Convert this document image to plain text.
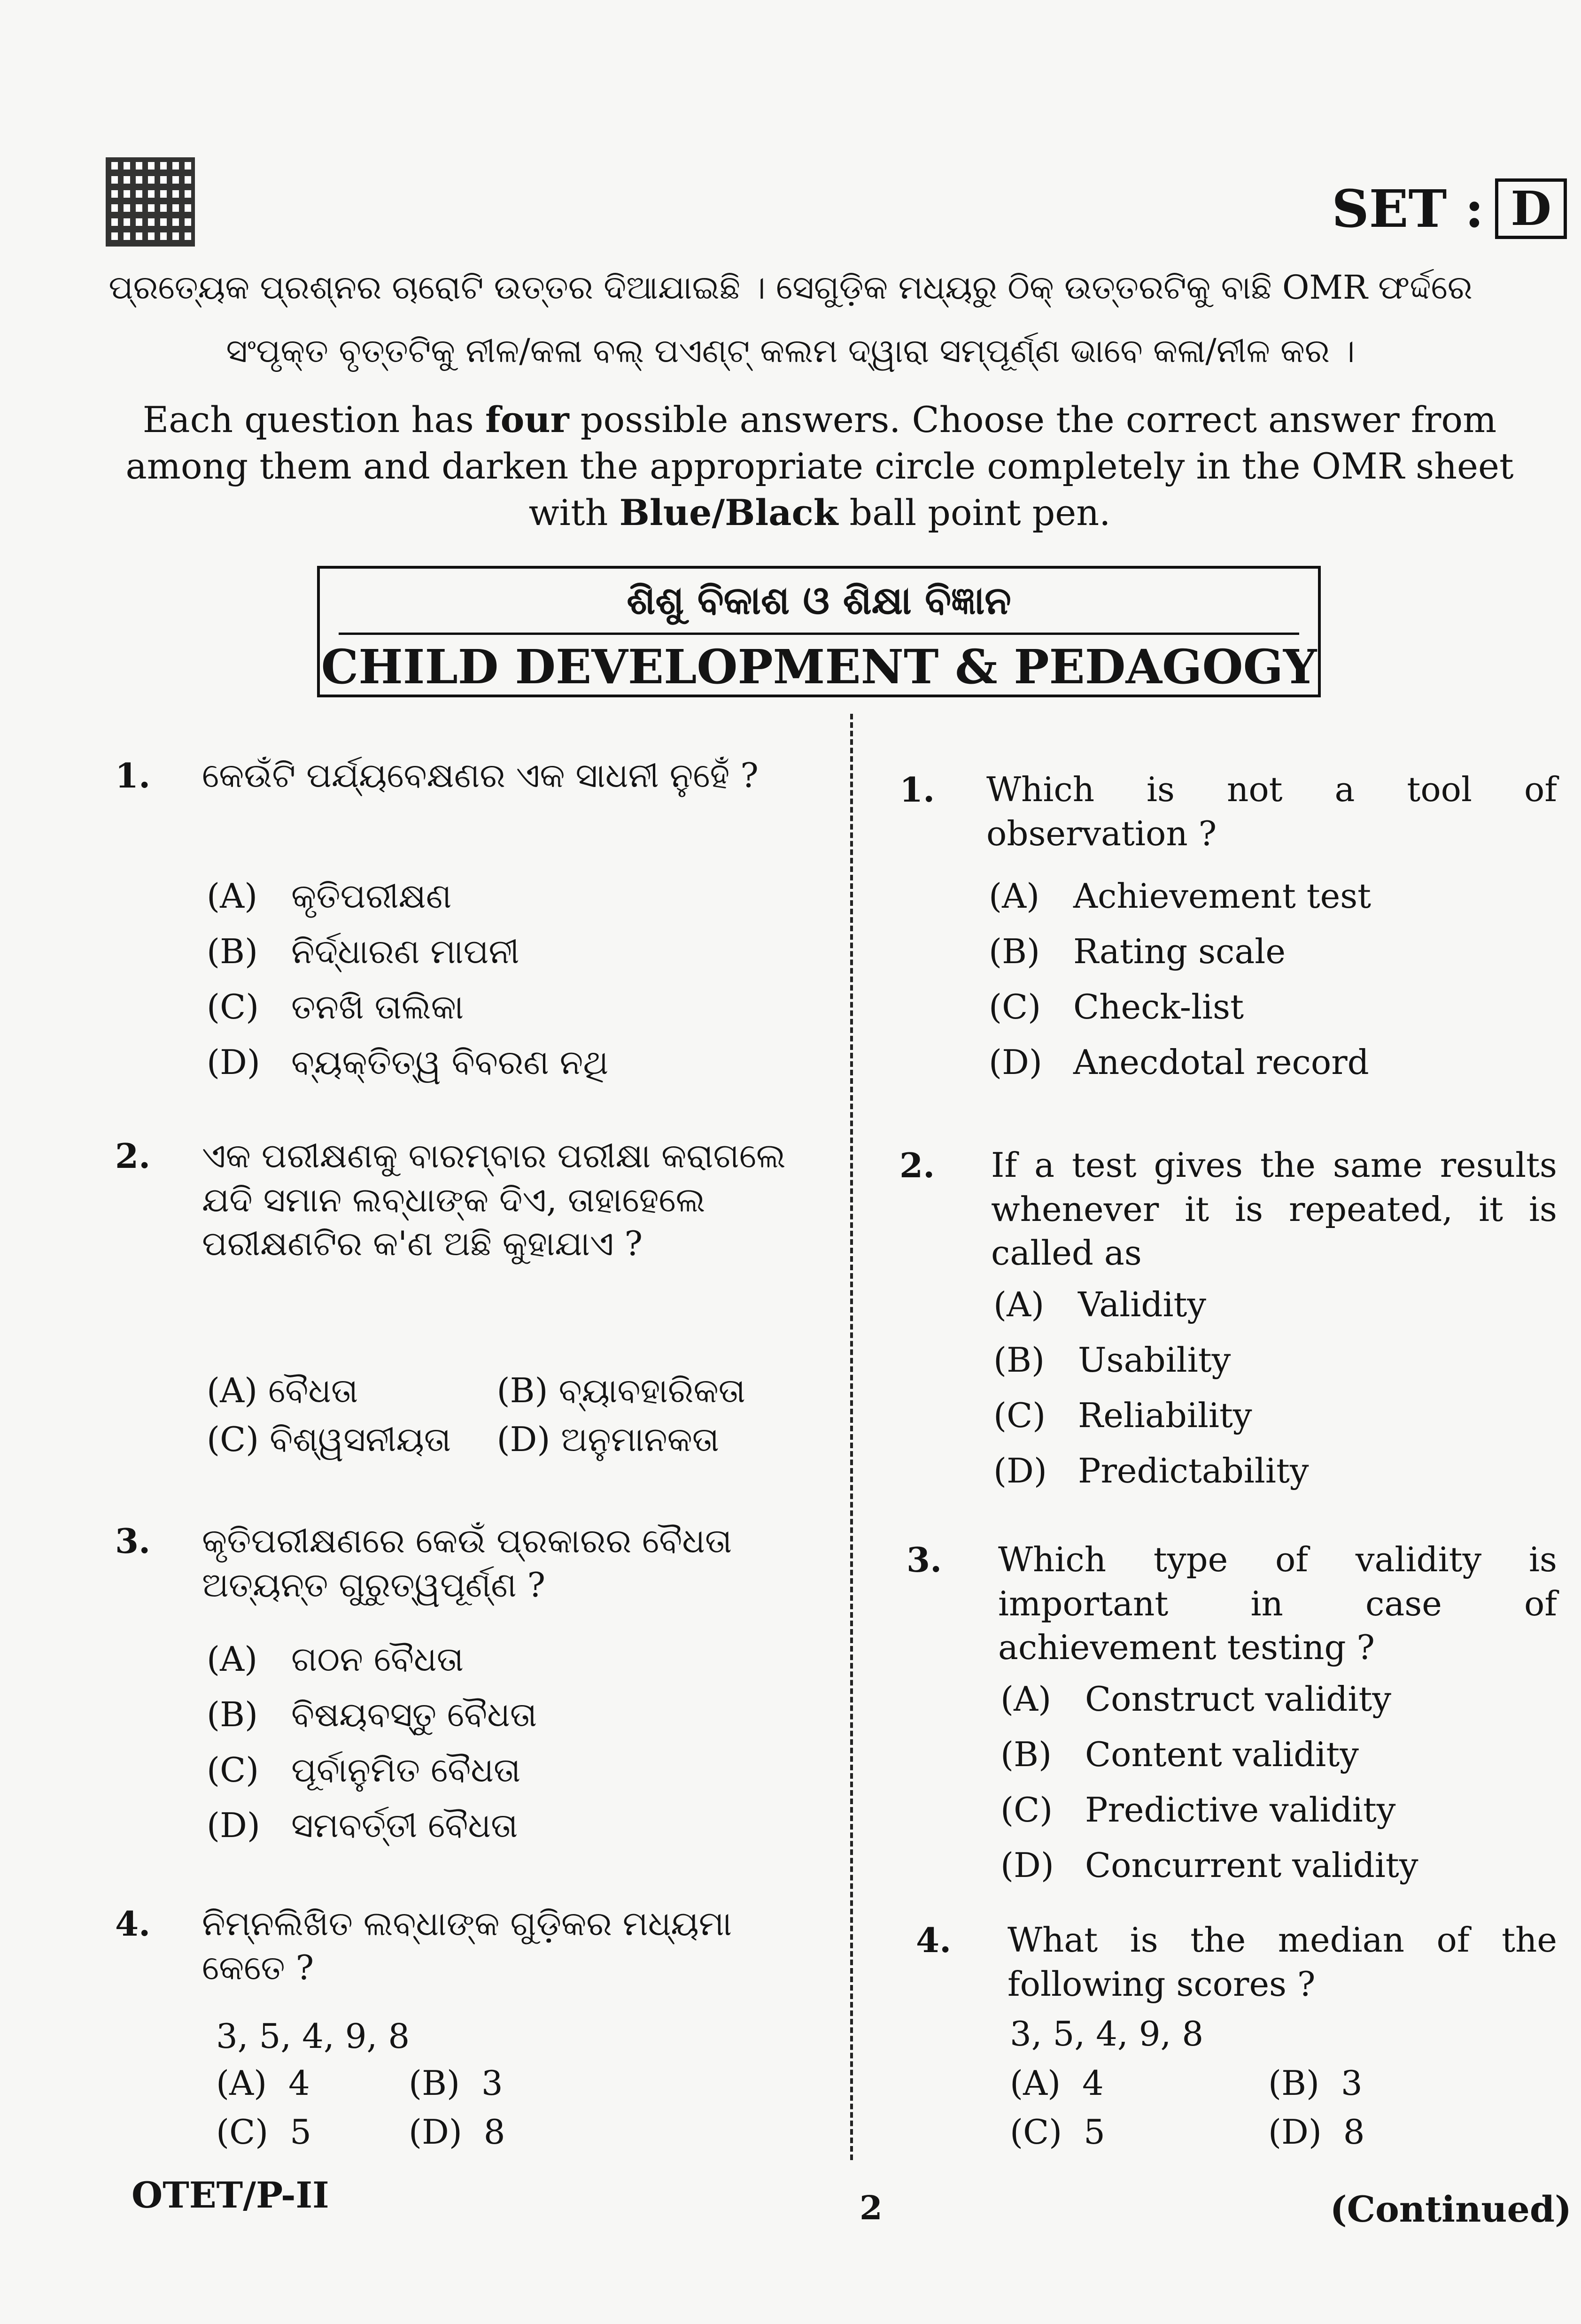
SET : D
ପ୍ରତ୍ୟେକ ପ୍ରଶ୍ନର ଚାରୋଟି ଉତ୍ତର ଦିଆଯାଇଛି । ସେଗୁଡ଼ିକ ମଧ୍ୟରୁ ଠିକ୍ ଉତ୍ତରଟିକୁ ବାଛି OMR ଫର୍ଦ୍ଦରେ
ସଂପୃକ୍ତ ବୃତ୍ତଟିକୁ ନୀଳ/କଳା ବଲ୍ ପଏଣ୍ଟ୍ କଲମ ଦ୍ୱାରା ସମ୍ପୂର୍ଣ୍ଣ ଭାବେ କଳା/ନୀଳ କର ।
Each question has four possible answers. Choose the correct answer from among them and darken the appropriate circle completely in the OMR sheet with Blue/Black ball point pen.
ଶିଶୁ ବିକାଶ ଓ ଶିକ୍ଷା ବିଜ୍ଞାନ
CHILD DEVELOPMENT & PEDAGOGY
1. କେଉଁଟି ପର୍ଯ୍ୟବେକ୍ଷଣର ଏକ ସାଧନୀ ନୁହେଁ ?
(A) କୃତିପରୀକ୍ଷଣ
(B) ନିର୍ଦ୍ଧାରଣ ମାପନୀ
(C) ତନଖି ତାଲିକା
(D) ବ୍ୟକ୍ତିତ୍ୱ ବିବରଣ ନଥି
2. ଏକ ପରୀକ୍ଷଣକୁ ବାରମ୍ବାର ପରୀକ୍ଷା କରାଗଲେ ଯଦି ସମାନ ଲବ୍ଧାଙ୍କ ଦିଏ, ତାହାହେଲେ ପରୀକ୍ଷଣଟିର କ'ଣ ଅଛି କୁହାଯାଏ ?
(A) ବୈଧତା	(B) ବ୍ୟାବହାରିକତା
(C) ବିଶ୍ୱସନୀୟତା	(D) ଅନୁମାନକତା
3. କୃତିପରୀକ୍ଷଣରେ କେଉଁ ପ୍ରକାରର ବୈଧତା ଅତ୍ୟନ୍ତ ଗୁରୁତ୍ୱପୂର୍ଣ୍ଣ ?
(A) ଗଠନ ବୈଧତା
(B) ବିଷୟବସ୍ତୁ ବୈଧତା
(C) ପୂର୍ବାନୁମିତ ବୈଧତା
(D) ସମବର୍ତ୍ତୀ ବୈଧତା
4. ନିମ୍ନଲିଖିତ ଲବ୍ଧାଙ୍କ ଗୁଡ଼ିକର ମଧ୍ୟମା କେତେ ?
3, 5, 4, 9, 8
(A) 4	(B) 3
(C) 5	(D) 8
1. Which is not a tool of observation ?
(A) Achievement test
(B) Rating scale
(C) Check-list
(D) Anecdotal record
2. If a test gives the same results whenever it is repeated, it is called as
(A) Validity
(B) Usability
(C) Reliability
(D) Predictability
3. Which type of validity is important in case of achievement testing ?
(A) Construct validity
(B) Content validity
(C) Predictive validity
(D) Concurrent validity
4. What is the median of the following scores ?
3, 5, 4, 9, 8
(A) 4	(B) 3
(C) 5	(D) 8
OTET/P-II	2	(Continued)
